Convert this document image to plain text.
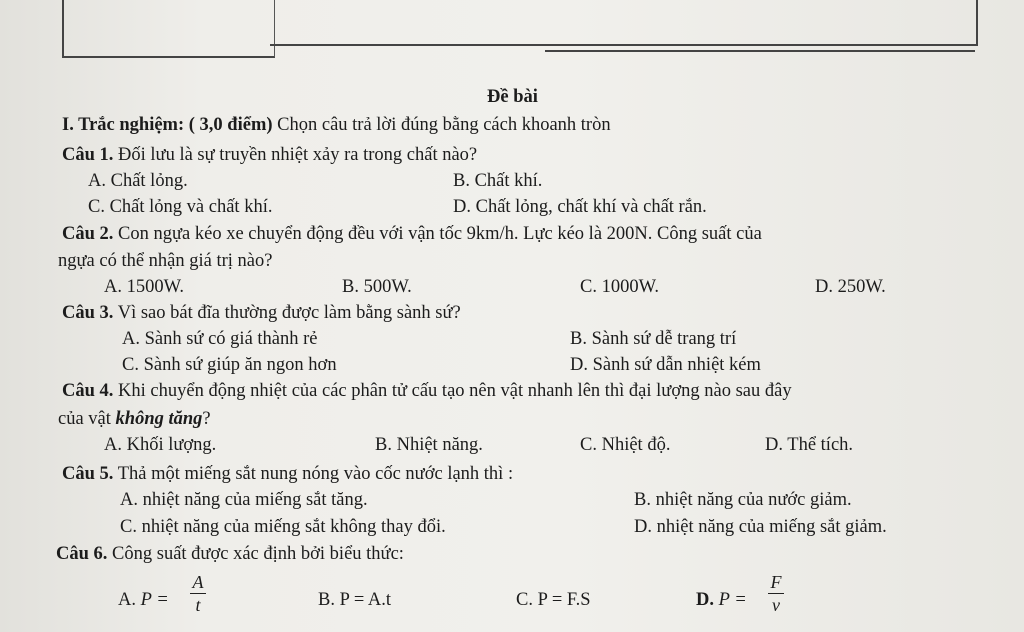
Đề bài
I. Trắc nghiệm: ( 3,0 điểm) Chọn câu trả lời đúng bằng cách khoanh tròn
Câu 1. Đối lưu là sự truyền nhiệt xảy ra trong chất nào?
A. Chất lỏng.	B. Chất khí.
C. Chất lỏng và chất khí.	D. Chất lỏng, chất khí và chất rắn.
Câu 2. Con ngựa kéo xe chuyển động đều với vận tốc 9km/h. Lực kéo là 200N. Công suất của
ngựa có thể nhận giá trị nào?
A. 1500W.	B. 500W.	C. 1000W.	D. 250W.
Câu 3. Vì sao bát đĩa thường được làm bằng sành sứ?
A. Sành sứ có giá thành rẻ	B. Sành sứ dễ trang trí
C. Sành sứ giúp ăn ngon hơn	D. Sành sứ dẫn nhiệt kém
Câu 4. Khi chuyển động nhiệt của các phân tử cấu tạo nên vật nhanh lên thì đại lượng nào sau đây
của vật không tăng?
A. Khối lượng.	B. Nhiệt năng.	C. Nhiệt độ.	D. Thể tích.
Câu 5. Thả một miếng sắt nung nóng vào cốc nước lạnh thì :
A. nhiệt năng của miếng sắt tăng.	B. nhiệt năng của nước giảm.
C. nhiệt năng của miếng sắt không thay đổi.	D. nhiệt năng của miếng sắt giảm.
Câu 6. Công suất được xác định bởi biểu thức:
A. P =
A
t	B. P = A.t	C. P = F.S	D. P =
F
v
